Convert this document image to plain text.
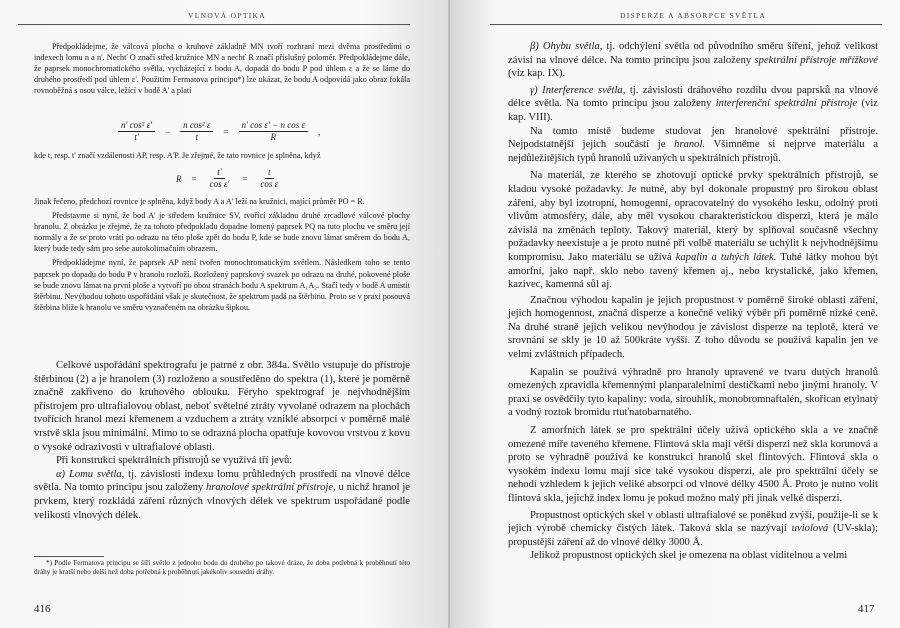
VLNOVÁ OPTIKA

Předpokládejme, že válcová plocha o kruhové základně MN tvoří rozhraní mezi dvěma prostředími o indexech lomu n a n'. Nechť O značí střed kružnice MN a nechť R značí příslušný poloměr. Předpokládejme dále, že paprsek monochromatického světla, vycházející z bodu A, dopadá do bodu P pod úhlem ε a že se láme do druhého prostředí pod úhlem ε'. Použitím Fermatova principu*) lze ukázat, že bodu A odpovídá jako obraz fokála rovnoběžná s osou válce, ležící v bodě A' a platí

$\frac{\text{n' cos² ε'}}{t'} - \frac{\text{n cos² ε}}{t} = \frac{\text{n' cos ε' − n cos ε}}{R}$ ,

kde t, resp. t' značí vzdálenosti AP, resp. A'P. Je zřejmé, že tato rovnice je splněna, když

$R = \frac{t'}{\text{cos ε'}} = \frac{t}{\text{cos ε}}$

Jinak řečeno, předchozí rovnice je splněna, když body A a A' leží na kružnici, mající průměr PO = R.

Představme si nyní, že bod A' je středem kružnice SV, tvořící základnu druhé zrcadlové válcové plochy hranolu. Z obrázku je zřejmé, že za tohoto předpokladu dopadne lomený paprsek PQ na tuto plochu ve směru její normály a že se proto vrátí po odrazu na této ploše zpět do bodu P, kde se bude znovu lámat směrem do bodu A, který bude tedy sám pro sebe autokolimačním obrazem.

Předpokládejme nyní, že paprsek AP není tvořen monochromatickým světlem. Následkem toho se tento paprsek po dopadu do bodu P v hranolu rozloží. Rozložený paprskový svazek po odrazu na druhé, pokovené ploše se bude znovu lámat na první ploše a vytvoří po obou stranách bodu A spektrum A₁A₂. Stačí tedy v bodě A umístit štěrbinu. Nevýhodou tohoto uspořádání však je skutečnost, že spektrum padá na štěrbinu. Proto se v praxi posouvá štěrbina blíže k hranolu ve směru vyznačeném na obrázku šipkou.

Celkové uspořádání spektrografu je patrné z obr. 384a. Světlo vstupuje do přístroje štěrbinou (2) a je hranolem (3) rozloženo a soustředěno do spektra (1), které je poměrně značně zakřiveno do kruhového oblouku. Féryho spektrograf je nejvhodnějším přístrojem pro ultrafialovou oblast, neboť světelné ztráty vyvolané odrazem na plochách tvořících hranol mezi křemenem a vzduchem a ztráty vzniklé absorpcí v poměrně malé vrstvě skla jsou minimální. Mimo to se odrazná plocha opatřuje kovovou vrstvou z kovu o vysoké odrazivosti v ultrafialové oblasti.

Při konstrukci spektrálních přístrojů se využívá tří jevů:

α) Lomu světla, tj. závislosti indexu lomu průhledných prostředí na vlnové délce světla. Na tomto principu jsou založeny hranolové spektrální přístroje, u nichž hranol je prvkem, který rozkládá záření různých vlnových délek ve spektrum uspořádané podle velikosti vlnových délek.

*) Podle Fermatova principu se šíří světlo z jednoho bodu do druhého po takové dráze, že doba potřebná k proběhnutí této dráhy je kratší nebo delší než doba potřebná k proběhnutí jakékoliv sousední dráhy.

416
DISPERZE A ABSORPCE SVĚTLA

β) Ohybu světla, tj. odchýlení světla od původního směru šíření, jehož velikost závisí na vlnové délce. Na tomto principu jsou založeny spektrální přístroje mřížkové (viz kap. IX).

γ) Interference světla, tj. závislosti dráhového rozdílu dvou paprsků na vlnové délce světla. Na tomto principu jsou založeny interferenční spektrální přístroje (viz kap. VIII).

Na tomto místě budeme studovat jen hranolové spektrální přístroje. Nejpodstatnější jejich součástí je hranol. Všimněme si nejprve materiálu a nejdůležitějších typů hranolů užívaných u spektrálních přístrojů.

Na materiál, ze kterého se zhotovují optické prvky spektrálních přístrojů, se kladou vysoké požadavky. Je nutné, aby byl dokonale propustný pro širokou oblast záření, aby byl izotropní, homogenní, opracovatelný do vysokého lesku, odolný proti vlivům atmosféry, dále, aby měl vysokou charakteristickou disperzi, která je málo závislá na změnách teploty. Takový materiál, který by splňoval současně všechny požadavky neexistuje a je proto nutné při volbě materiálu se uchýlit k nejvhodnějšímu kompromisu. Jako materiálu se užívá kapalin a tuhých látek. Tuhé látky mohou být amorfní, jako např. sklo nebo tavený křemen aj., nebo krystalické, jako křemen, kazivec, kamenná sůl aj.

Značnou výhodou kapalin je jejich propustnost v poměrně široké oblasti záření, jejich homogennost, značná disperze a konečně veliký výběr při poměrně nízké ceně. Na druhé straně jejich velikou nevýhodou je závislost disperze na teplotě, která ve srovnání se skly je 10 až 500kráte vyšší. Z toho důvodu se používá kapalin jen ve velmi zvláštních případech.

Kapalin se používá výhradně pro hranoly upravené ve tvaru dutých hranolů omezených zpravidla křemennými planparalelními destičkami nebo jinými hranoly. V praxi se osvědčily tyto kapaliny: voda, sirouhlík, monobromnaftalén, skořican etylnatý a vodný roztok bromidu rtuťnatobarnatého.

Z amorfních látek se pro spektrální účely užívá optického skla a ve značně omezené míře taveného křemene. Flintová skla mají větší disperzi než skla korunová a proto se výhradně používá ke konstrukci hranolů skel flintových. Flintová skla o vysokém indexu lomu mají sice také vysokou disperzi, ale pro spektrální účely se nehodí vzhledem k jejich veliké absorpci od vlnové délky 4500 Å. Proto je nutno volit flintová skla, jejichž index lomu je pokud možno malý při jinak velké disperzi.

Propustnost optických skel v oblasti ultrafialové se poněkud zvýší, použije-li se k jejich výrobě chemicky čistých látek. Taková skla se nazývají uviolová (UV-skla); propustější záření až do vlnové délky 3000 Å.

Jelikož propustnost optických skel je omezena na oblast viditelnou a velmi

417
